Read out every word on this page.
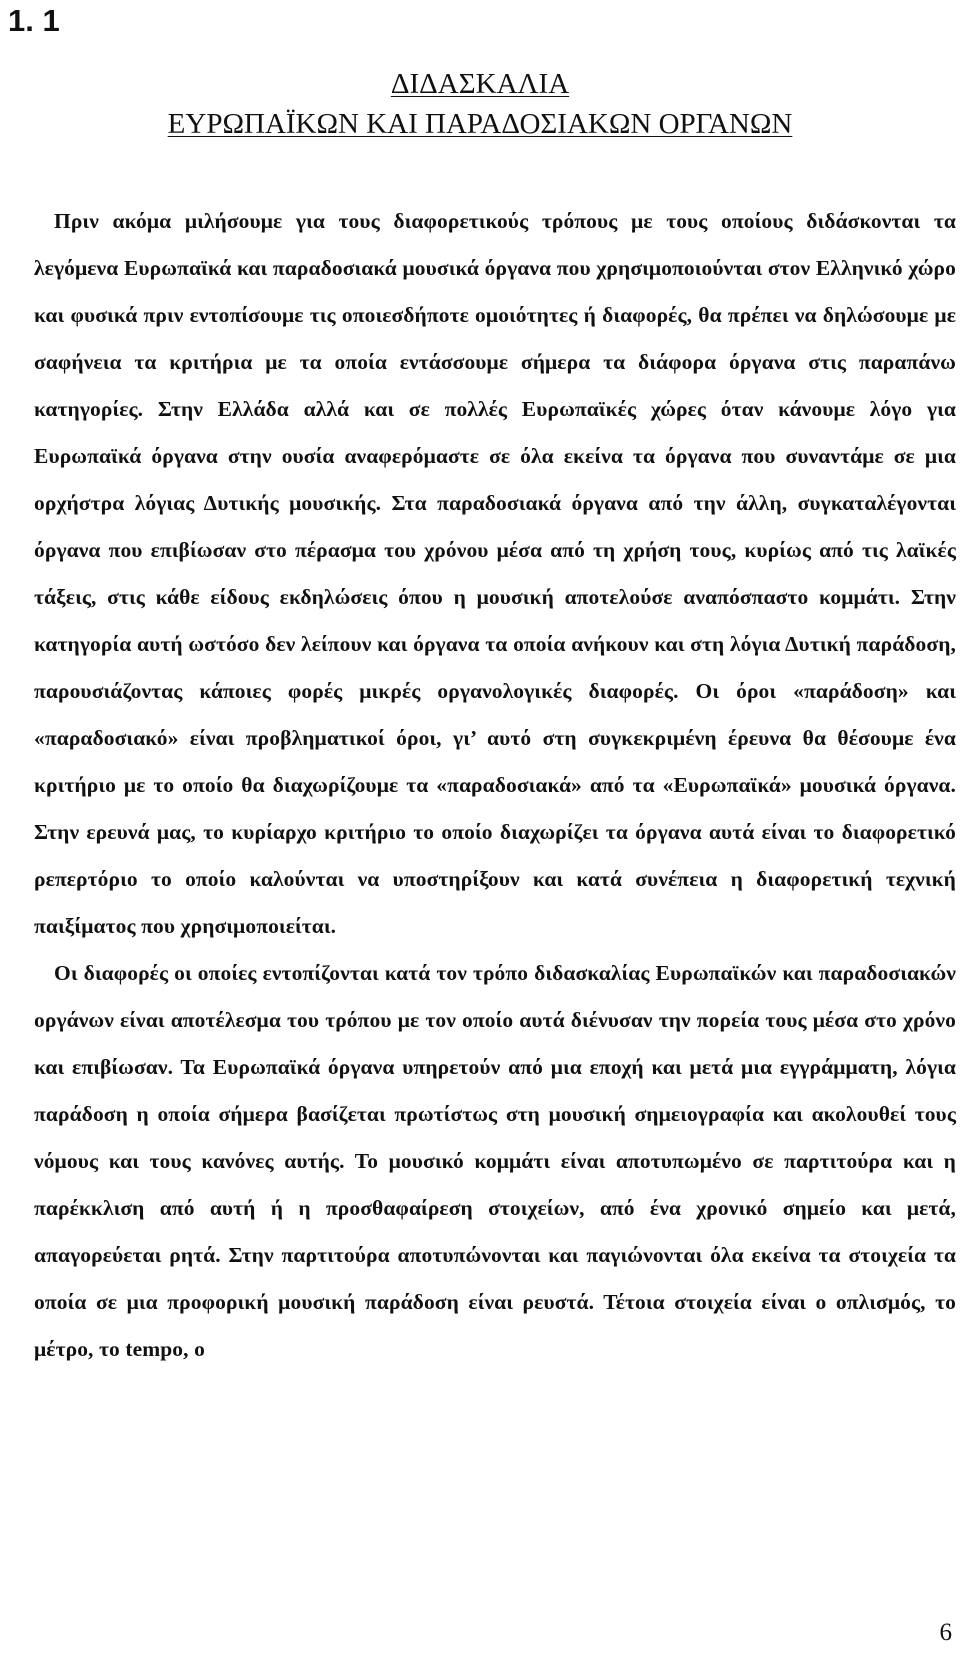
1. 1
ΔΙΔΑΣΚΑΛΙΑ
ΕΥΡΩΠΑΪΚΩΝ ΚΑΙ ΠΑΡΑΔΟΣΙΑΚΩΝ ΟΡΓΑΝΩΝ

Πριν ακόμα μιλήσουμε για τους διαφορετικούς τρόπους με τους οποίους διδάσκονται τα λεγόμενα Ευρωπαϊκά και παραδοσιακά μουσικά όργανα που χρησιμοποιούνται στον Ελληνικό χώρο και φυσικά πριν εντοπίσουμε τις οποιεσδήποτε ομοιότητες ή διαφορές, θα πρέπει να δηλώσουμε με σαφήνεια τα κριτήρια με τα οποία εντάσσουμε σήμερα τα διάφορα όργανα στις παραπάνω κατηγορίες. Στην Ελλάδα αλλά και σε πολλές Ευρωπαϊκές χώρες όταν κάνουμε λόγο για Ευρωπαϊκά όργανα στην ουσία αναφερόμαστε σε όλα εκείνα τα όργανα που συναντάμε σε μια ορχήστρα λόγιας Δυτικής μουσικής. Στα παραδοσιακά όργανα από την άλλη, συγκαταλέγονται όργανα που επιβίωσαν στο πέρασμα του χρόνου μέσα από τη χρήση τους, κυρίως από τις λαϊκές τάξεις, στις κάθε είδους εκδηλώσεις όπου η μουσική αποτελούσε αναπόσπαστο κομμάτι. Στην κατηγορία αυτή ωστόσο δεν λείπουν και όργανα τα οποία ανήκουν και στη λόγια Δυτική παράδοση, παρουσιάζοντας κάποιες φορές μικρές οργανολογικές διαφορές. Οι όροι «παράδοση» και «παραδοσιακό» είναι προβληματικοί όροι, γι’ αυτό στη συγκεκριμένη έρευνα θα θέσουμε ένα κριτήριο με το οποίο θα διαχωρίζουμε τα «παραδοσιακά» από τα «Ευρωπαϊκά» μουσικά όργανα. Στην ερευνά μας, το κυρίαρχο κριτήριο το οποίο διαχωρίζει τα όργανα αυτά είναι το διαφορετικό ρεπερτόριο το οποίο καλούνται να υποστηρίξουν και κατά συνέπεια η διαφορετική τεχνική παιξίματος που χρησιμοποιείται.

Οι διαφορές οι οποίες εντοπίζονται κατά τον τρόπο διδασκαλίας Ευρωπαϊκών και παραδοσιακών οργάνων είναι αποτέλεσμα του τρόπου με τον οποίο αυτά διένυσαν την πορεία τους μέσα στο χρόνο και επιβίωσαν. Τα Ευρωπαϊκά όργανα υπηρετούν από μια εποχή και μετά μια εγγράμματη, λόγια παράδοση η οποία σήμερα βασίζεται πρωτίστως στη μουσική σημειογραφία και ακολουθεί τους νόμους και τους κανόνες αυτής. Το μουσικό κομμάτι είναι αποτυπωμένο σε παρτιτούρα και η παρέκκλιση από αυτή ή η προσθαφαίρεση στοιχείων, από ένα χρονικό σημείο και μετά, απαγορεύεται ρητά. Στην παρτιτούρα αποτυπώνονται και παγιώνονται όλα εκείνα τα στοιχεία τα οποία σε μια προφορική μουσική παράδοση είναι ρευστά. Τέτοια στοιχεία είναι ο οπλισμός, το μέτρο, το tempo, ο

6
